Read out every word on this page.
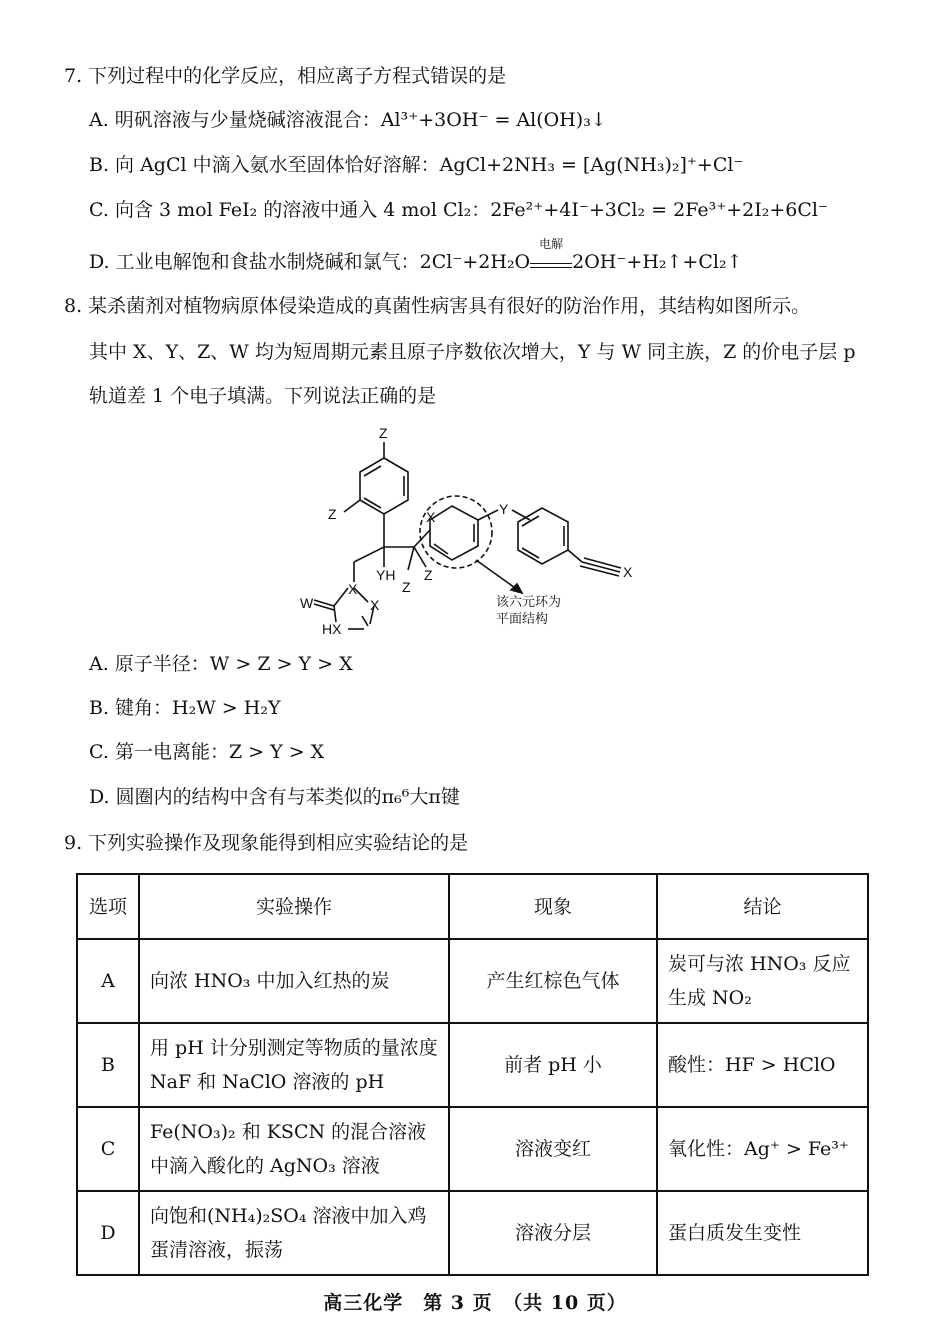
7. 下列过程中的化学反应，相应离子方程式错误的是
A. 明矾溶液与少量烧碱溶液混合：Al³⁺+3OH⁻ = Al(OH)₃↓
B. 向 AgCl 中滴入氨水至固体恰好溶解：AgCl+2NH₃ = [Ag(NH₃)₂]⁺+Cl⁻
C. 向含 3 mol FeI₂ 的溶液中通入 4 mol Cl₂：2Fe²⁺+4I⁻+3Cl₂ = 2Fe³⁺+2I₂+6Cl⁻
D. 工业电解饱和食盐水制烧碱和氯气：2Cl⁻+2H₂O
电解
2OH⁻+H₂↑+Cl₂↑
8. 某杀菌剂对植物病原体侵染造成的真菌性病害具有很好的防治作用，其结构如图所示。
其中 X、Y、Z、W 均为短周期元素且原子序数依次增大，Y 与 W 同主族，Z 的价电子层 p
轨道差 1 个电子填满。下列说法正确的是
Z
Z
YH
Z
Z
X
X
HX
W
X	Y
X
该六元环为
平面结构
A. 原子半径：W > Z > Y > X
B. 键角：H₂W > H₂Y
C. 第一电离能：Z > Y > X
D. 圆圈内的结构中含有与苯类似的π₆⁶大π键
9. 下列实验操作及现象能得到相应实验结论的是
选项	实验操作	现象	结论
A	向浓 HNO₃ 中加入红热的炭	产生红棕色气体	炭可与浓 HNO₃ 反应生成 NO₂
B	用 pH 计分别测定等物质的量浓度 NaF 和 NaClO 溶液的 pH	前者 pH 小	酸性：HF > HClO
C	Fe(NO₃)₂ 和 KSCN 的混合溶液中滴入酸化的 AgNO₃ 溶液	溶液变红	氧化性：Ag⁺ > Fe³⁺
D	向饱和(NH₄)₂SO₄ 溶液中加入鸡蛋清溶液，振荡	溶液分层	蛋白质发生变性
高三化学　第 3 页　（共 10 页）
